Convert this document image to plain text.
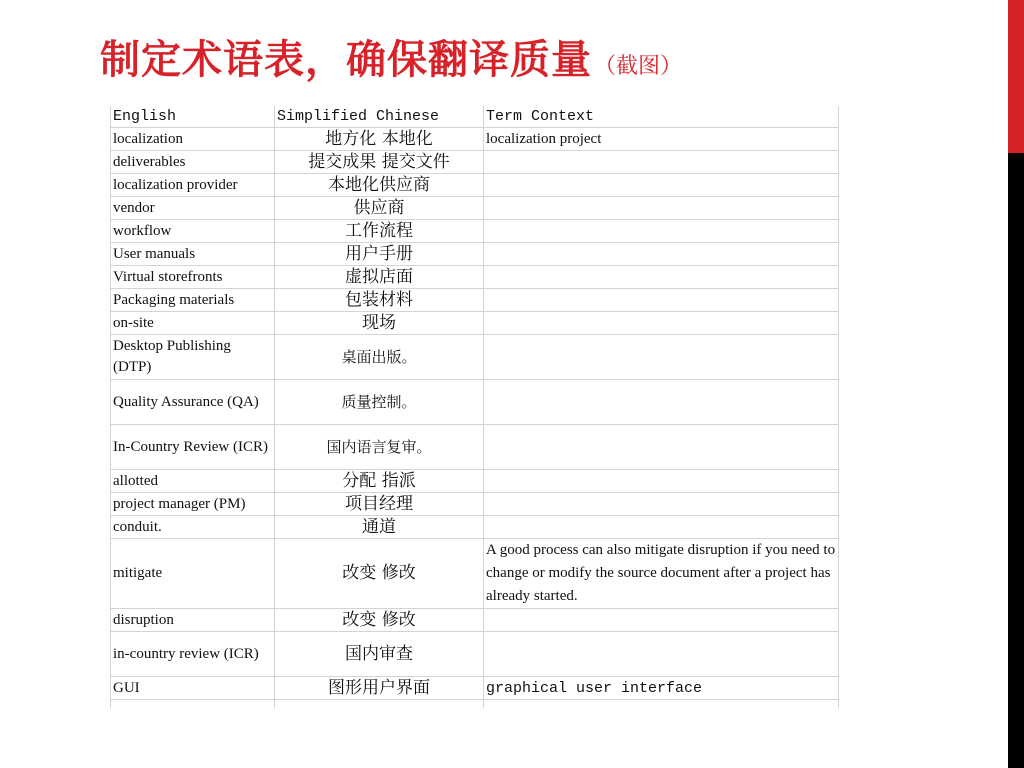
制定术语表，确保翻译质量（截图）
English	Simplified Chinese	Term Context
localization	地方化 本地化	localization project
deliverables	提交成果 提交文件	
localization provider	本地化供应商	
vendor	供应商	
workflow	工作流程	
User manuals	用户手册	
Virtual storefronts	虚拟店面	
Packaging materials	包装材料	
on-site	现场	
Desktop Publishing (DTP)	桌面出版。	
Quality Assurance (QA)	质量控制。	
In-Country Review (ICR)	国内语言复审。	
allotted	分配 指派	
project manager (PM)	项目经理	
conduit.	通道	
mitigate	改变 修改	A good process can also mitigate disruption if you need to change or modify the source document after a project has already started.
disruption	改变 修改	
in-country review (ICR)	国内审查	
GUI	图形用户界面	graphical user interface
